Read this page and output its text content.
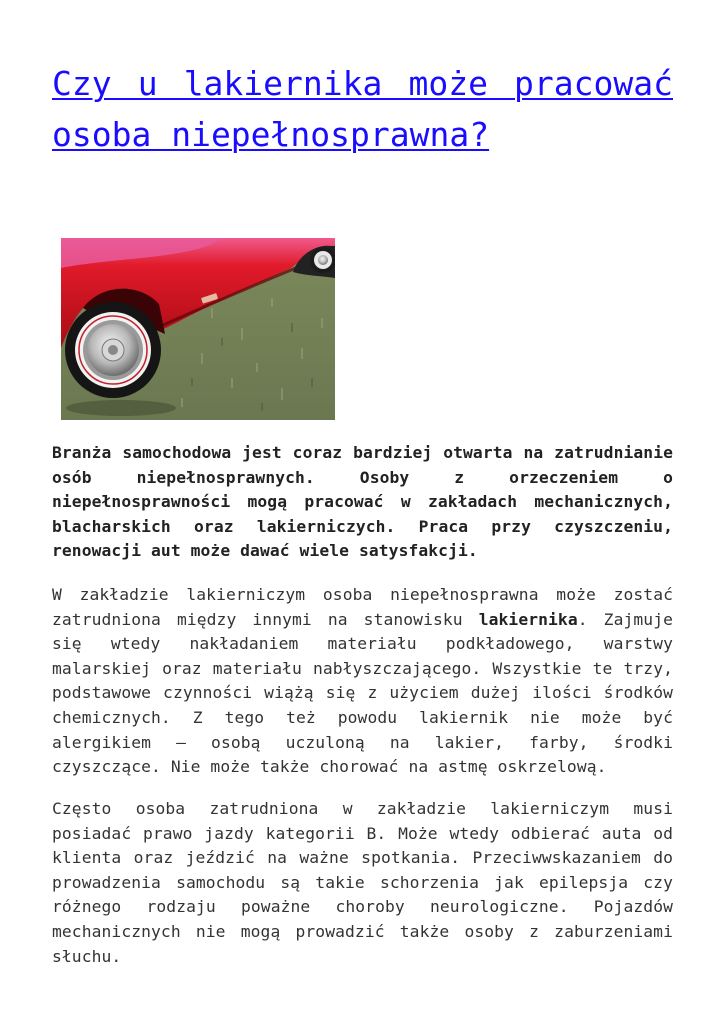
Czy u lakiernika może pracować osoba niepełnosprawna?

Branża samochodowa jest coraz bardziej otwarta na zatrudnianie osób niepełnosprawnych. Osoby z orzeczeniem o niepełnosprawności mogą pracować w zakładach mechanicznych, blacharskich oraz lakierniczych. Praca przy czyszczeniu, renowacji aut może dawać wiele satysfakcji.

W zakładzie lakierniczym osoba niepełnosprawna może zostać zatrudniona między innymi na stanowisku lakiernika. Zajmuje się wtedy nakładaniem materiału podkładowego, warstwy malarskiej oraz materiału nabłyszczającego. Wszystkie te trzy, podstawowe czynności wiążą się z użyciem dużej ilości środków chemicznych. Z tego też powodu lakiernik nie może być alergikiem – osobą uczuloną na lakier, farby, środki czyszczące. Nie może także chorować na astmę oskrzelową.

Często osoba zatrudniona w zakładzie lakierniczym musi posiadać prawo jazdy kategorii B. Może wtedy odbierać auta od klienta oraz jeździć na ważne spotkania. Przeciwwskazaniem do prowadzenia samochodu są takie schorzenia jak epilepsja czy różnego rodzaju poważne choroby neurologiczne. Pojazdów mechanicznych nie mogą prowadzić także osoby z zaburzeniami słuchu.
